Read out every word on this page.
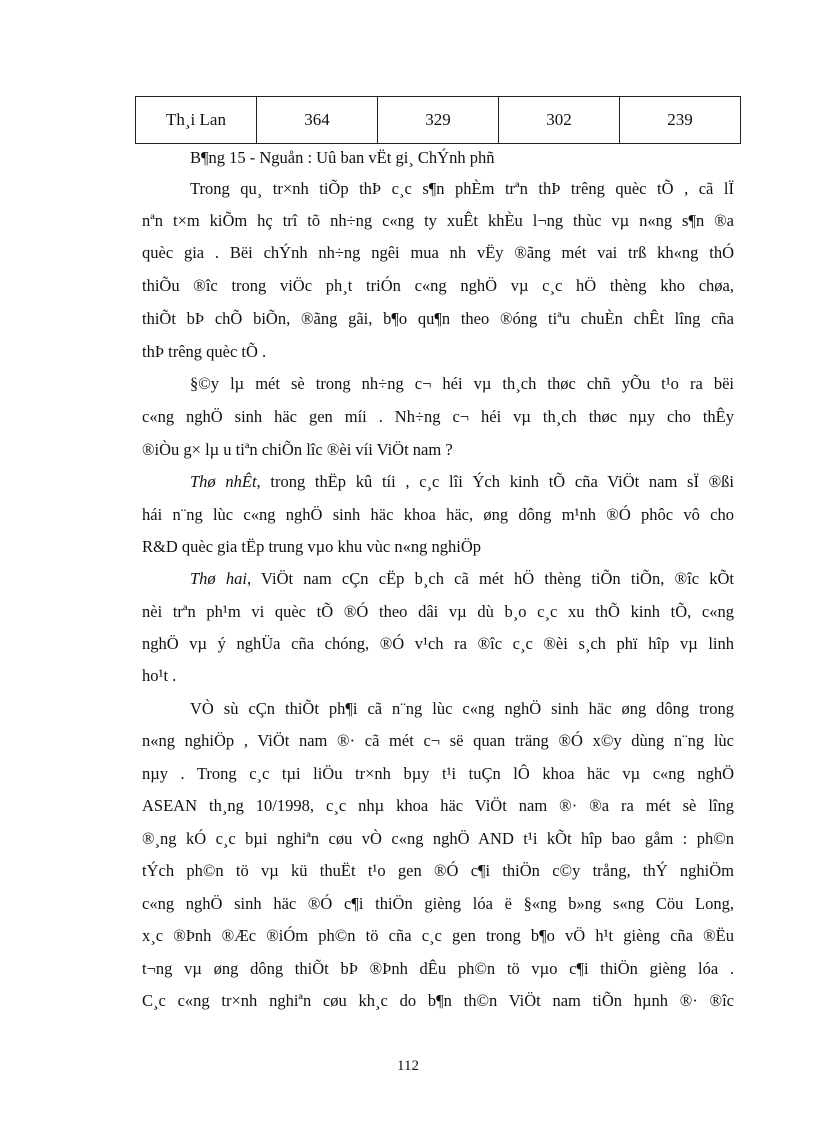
Th¸i Lan	364	329	302	239
B¶ng 15 - Nguån : Uû ban vËt gi¸ ChÝnh phñ
Trong qu¸ tr×nh tiÕp thÞ c¸c s¶n phÈm trªn thÞ trêng quèc tÕ , cã lÏ
nªn t×m kiÕm hç trî tõ nh÷ng c«ng ty xuÊt khÈu l¬ng thùc vµ n«ng s¶n ®a
quèc gia . Bëi chÝnh nh÷ng ngêi mua nh vËy ®ãng mét vai trß kh«ng thÓ
thiÕu ®îc trong viÖc ph¸t triÓn c«ng nghÖ vµ c¸c hÖ thèng kho chøa,
thiÕt bÞ chÕ biÕn, ®ãng gãi, b¶o qu¶n theo ®óng tiªu chuÈn chÊt lîng cña
thÞ trêng quèc tÕ .
§©y lµ mét sè trong nh÷ng c¬ héi vµ th¸ch thøc chñ yÕu t¹o ra bëi
c«ng nghÖ sinh häc gen míi . Nh÷ng c¬ héi vµ th¸ch thøc nµy cho thÊy
®iÒu g× lµ u tiªn chiÕn lîc ®èi víi ViÖt nam ?
Thø nhÊt, trong thËp kû tíi , c¸c lîi Ých kinh tÕ cña ViÖt nam sÏ ®ßi
hái n¨ng lùc c«ng nghÖ sinh häc khoa häc, øng dông m¹nh ®Ó phôc vô cho
R&D quèc gia tËp trung vµo khu vùc n«ng nghiÖp
Thø hai, ViÖt nam cÇn cËp b¸ch cã mét hÖ thèng tiÕn tiÕn, ®îc kÕt
nèi trªn ph¹m vi quèc tÕ ®Ó theo dâi vµ dù b¸o c¸c xu thÕ kinh tÕ, c«ng
nghÖ vµ ý nghÜa cña chóng, ®Ó v¹ch ra ®îc c¸c ®èi s¸ch phï hîp vµ linh
ho¹t .
VÒ sù cÇn thiÕt ph¶i cã n¨ng lùc c«ng nghÖ sinh häc øng dông trong
n«ng nghiÖp , ViÖt nam ®· cã mét c¬ së quan träng ®Ó x©y dùng n¨ng lùc
nµy . Trong c¸c tµi liÖu tr×nh bµy t¹i tuÇn lÔ khoa häc vµ c«ng nghÖ
ASEAN th¸ng 10/1998, c¸c nhµ khoa häc ViÖt nam ®· ®a ra mét sè lîng
®¸ng kÓ c¸c bµi nghiªn cøu vÒ c«ng nghÖ AND t¹i kÕt hîp bao gåm : ph©n
tÝch ph©n tö vµ kü thuËt t¹o gen ®Ó c¶i thiÖn c©y trång, thÝ nghiÖm
c«ng nghÖ sinh häc ®Ó c¶i thiÖn gièng lóa ë §«ng b»ng s«ng Cöu Long,
x¸c ®Þnh ®Æc ®iÓm ph©n tö cña c¸c gen trong b¶o vÖ h¹t gièng cña ®Ëu
t¬ng vµ øng dông thiÕt bÞ ®Þnh dÊu ph©n tö vµo c¶i thiÖn gièng lóa .
C¸c c«ng tr×nh nghiªn cøu kh¸c do b¶n th©n ViÖt nam tiÕn hµnh ®· ®îc
112
